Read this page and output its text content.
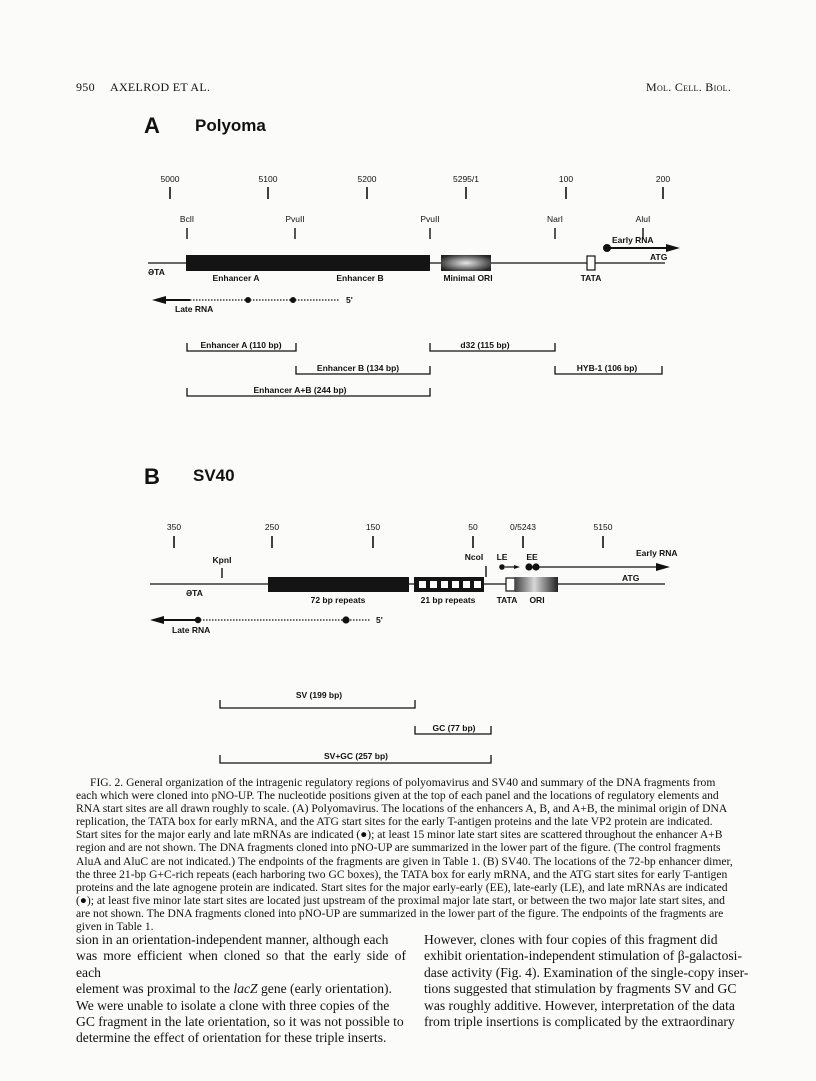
950 AXELROD ET AL.	Mol. Cell. Biol.
A Polyoma
5000	5100	5200	5295/1	100	200
BclI	PvuII	PvuII	NarI	AluI
ƏTA
Enhancer A	Enhancer B	Minimal ORI	TATA
ATG
Early RNA
Late RNA
5'
Enhancer A (110 bp)
Enhancer B (134 bp)
Enhancer A+B (244 bp)
d32 (115 bp)
HYB-1 (106 bp)
B SV40
350	250	150	50	0/5243	5150
KpnI	NcoI LE EE	Early RNA
ƏTA
72 bp repeats	21 bp repeats TATA ORI
ATG
Late RNA
5'
SV (199 bp)
GC (77 bp)
SV+GC (257 bp)

FIG. 2. General organization of the intragenic regulatory regions of polyomavirus and SV40 and summary of the DNA fragments from

each which were cloned into pNO-UP. The nucleotide positions given at the top of each panel and the locations of regulatory elements and

RNA start sites are all drawn roughly to scale. (A) Polyomavirus. The locations of the enhancers A, B, and A+B, the minimal origin of DNA

replication, the TATA box for early mRNA, and the ATG start sites for the early T-antigen proteins and the late VP2 protein are indicated.

Start sites for the major early and late mRNAs are indicated (●); at least 15 minor late start sites are scattered throughout the enhancer A+B

region and are not shown. The DNA fragments cloned into pNO-UP are summarized in the lower part of the figure. (The control fragments

AluA and AluC are not indicated.) The endpoints of the fragments are given in Table 1. (B) SV40. The locations of the 72-bp enhancer dimer,

the three 21-bp G+C-rich repeats (each harboring two GC boxes), the TATA box for early mRNA, and the ATG start sites for early T-antigen

proteins and the late agnogene protein are indicated. Start sites for the major early-early (EE), late-early (LE), and late mRNAs are indicated

(●); at least five minor late start sites are located just upstream of the proximal major late start, or between the two major late start sites, and

are not shown. The DNA fragments cloned into pNO-UP are summarized in the lower part of the figure. The endpoints of the fragments are

given in Table 1.

sion in an orientation-independent manner, although each
was more efficient when cloned so that the early side of each
element was proximal to the lacZ gene (early orientation).
We were unable to isolate a clone with three copies of the
GC fragment in the late orientation, so it was not possible to
determine the effect of orientation for these triple inserts.
However, clones with four copies of this fragment did
exhibit orientation-independent stimulation of β-galactosi-
dase activity (Fig. 4). Examination of the single-copy inser-
tions suggested that stimulation by fragments SV and GC
was roughly additive. However, interpretation of the data
from triple insertions is complicated by the extraordinary
